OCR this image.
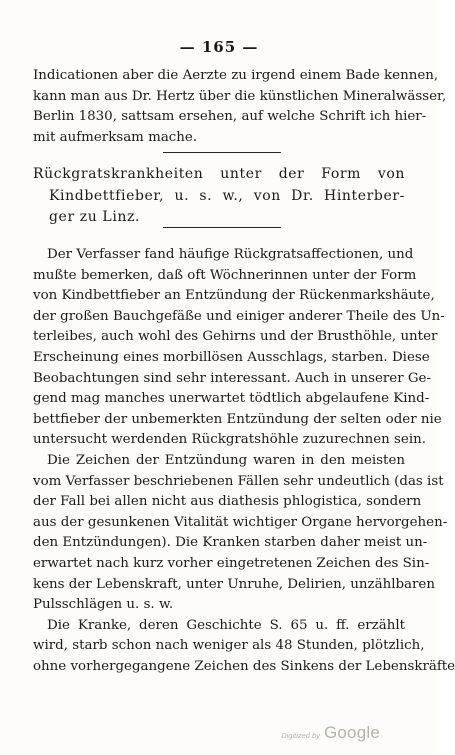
— 165 —
Indicationen aber die Aerzte zu irgend einem Bade kennen,
kann man aus Dr. Hertz über die künstlichen Mineralwässer,
Berlin 1830, sattsam ersehen, auf welche Schrift ich hier-
mit aufmerksam mache.
Rückgratskrankheiten unter der Form von
Kindbettfieber, u. s. w., von Dr. Hinterber-
ger zu Linz.
Der Verfasser fand häufige Rückgratsaffectionen, und
mußte bemerken, daß oft Wöchnerinnen unter der Form
von Kindbettfieber an Entzündung der Rückenmarkshäute,
der großen Bauchgefäße und einiger anderer Theile des Un-
terleibes, auch wohl des Gehirns und der Brusthöhle, unter
Erscheinung eines morbillösen Ausschlags, starben. Diese
Beobachtungen sind sehr interessant. Auch in unserer Ge-
gend mag manches unerwartet tödtlich abgelaufene Kind-
bettfieber der unbemerkten Entzündung der selten oder nie
untersucht werdenden Rückgratshöhle zuzurechnen sein.
Die Zeichen der Entzündung waren in den meisten
vom Verfasser beschriebenen Fällen sehr undeutlich (das ist
der Fall bei allen nicht aus diathesis phlogistica, sondern
aus der gesunkenen Vitalität wichtiger Organe hervorgehen-
den Entzündungen). Die Kranken starben daher meist un-
erwartet nach kurz vorher eingetretenen Zeichen des Sin-
kens der Lebenskraft, unter Unruhe, Delirien, unzählbaren
Pulsschlägen u. s. w.
Die Kranke, deren Geschichte S. 65 u. ff. erzählt
wird, starb schon nach weniger als 48 Stunden, plötzlich,
ohne vorhergegangene Zeichen des Sinkens der Lebenskräfte
Digitized by Google
